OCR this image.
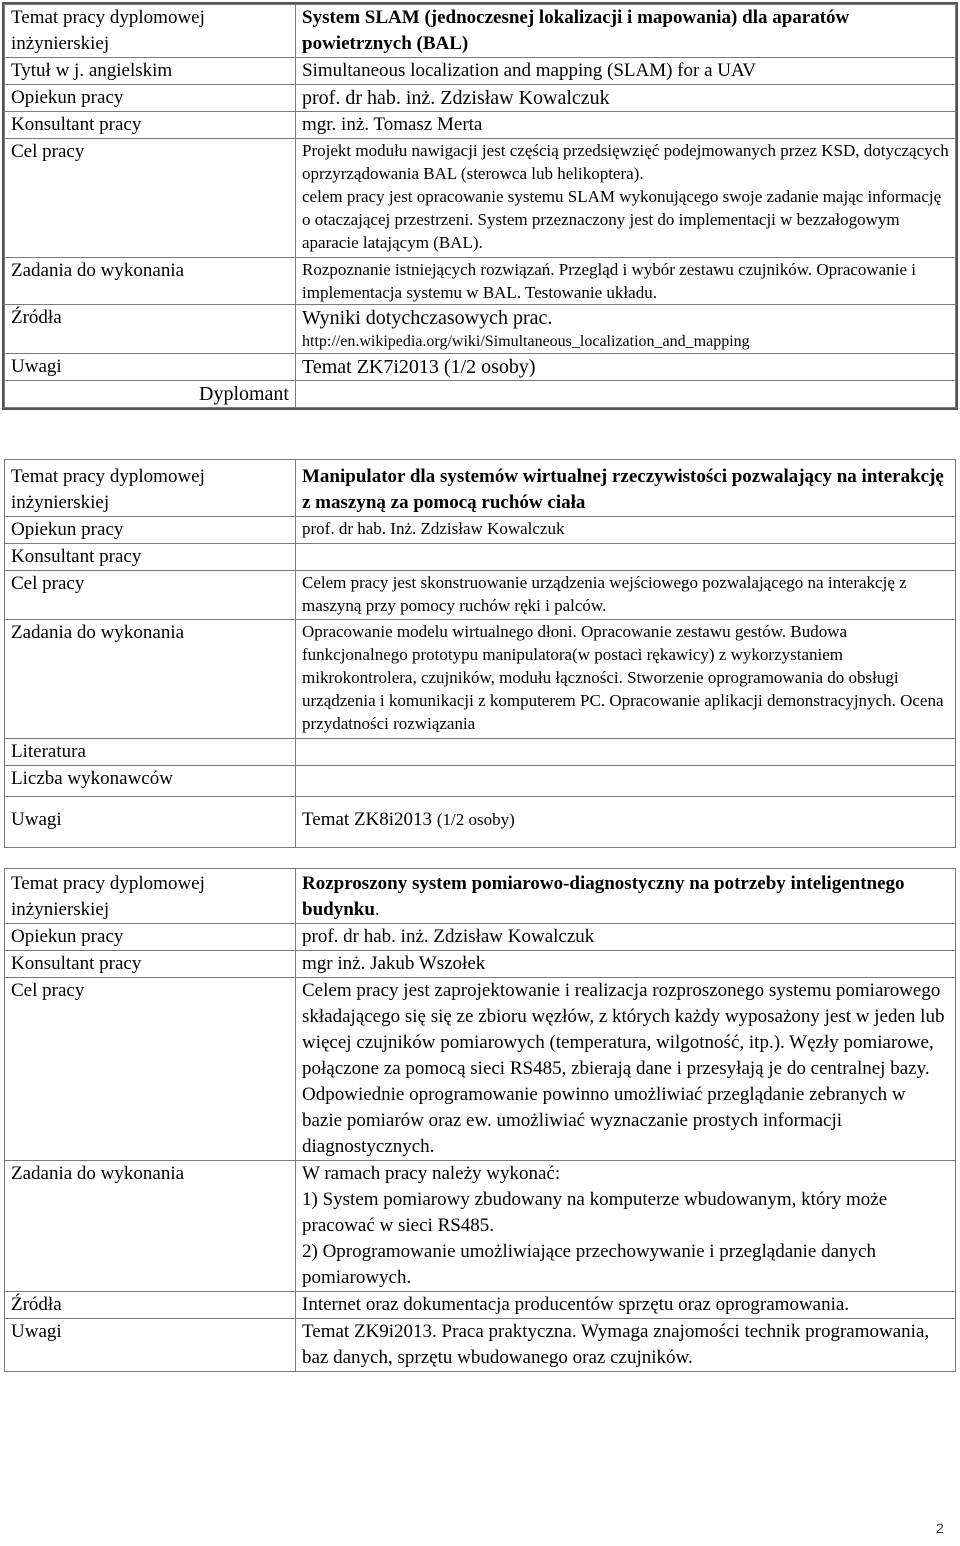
Temat pracy dyplomowej inżynierskiej	System SLAM (jednoczesnej lokalizacji i mapowania) dla aparatów powietrznych (BAL)
Tytuł w j. angielskim	Simultaneous localization and mapping (SLAM) for a UAV
Opiekun pracy	prof. dr hab. inż. Zdzisław Kowalczuk
Konsultant pracy	mgr. inż. Tomasz Merta
Cel pracy	Projekt modułu nawigacji jest częścią przedsięwzięć podejmowanych przez KSD, dotyczących oprzyrządowania BAL (sterowca lub helikoptera).
celem pracy jest opracowanie systemu SLAM wykonującego swoje zadanie mając informację o otaczającej przestrzeni. System przeznaczony jest do implementacji w bezzałogowym aparacie latającym (BAL).

Zadania do wykonania	Rozpoznanie istniejących rozwiązań. Przegląd i wybór zestawu czujników. Opracowanie i implementacja systemu w BAL. Testowanie układu.
Źródła	Wyniki dotychczasowych prac.
http://en.wikipedia.org/wiki/Simultaneous_localization_and_mapping

Uwagi	Temat ZK7i2013 (1/2 osoby)
Dyplomant	
Temat pracy dyplomowej inżynierskiej	Manipulator dla systemów wirtualnej rzeczywistości pozwalający na interakcję z maszyną za pomocą ruchów ciała
Opiekun pracy	prof. dr hab. Inż. Zdzisław Kowalczuk
Konsultant pracy	
Cel pracy	Celem pracy jest skonstruowanie urządzenia wejściowego pozwalającego na interakcję z maszyną przy pomocy ruchów ręki i palców.
Zadania do wykonania	Opracowanie modelu wirtualnego dłoni. Opracowanie zestawu gestów. Budowa funkcjonalnego prototypu manipulatora(w postaci rękawicy) z wykorzystaniem mikrokontrolera, czujników, modułu łączności. Stworzenie oprogramowania do obsługi urządzenia i komunikacji z komputerem PC. Opracowanie aplikacji demonstracyjnych. Ocena przydatności rozwiązania
Literatura	
Liczba wykonawców	
Uwagi	Temat ZK8i2013 (1/2 osoby)
Temat pracy dyplomowej inżynierskiej	Rozproszony system pomiarowo-diagnostyczny na potrzeby inteligentnego budynku.
Opiekun pracy	prof. dr hab. inż. Zdzisław Kowalczuk
Konsultant pracy	mgr inż. Jakub Wszołek
Cel pracy	Celem pracy jest zaprojektowanie i realizacja rozproszonego systemu pomiarowego składającego się się ze zbioru węzłów, z których każdy wyposażony jest w jeden lub więcej czujników pomiarowych (temperatura, wilgotność, itp.). Węzły pomiarowe, połączone za pomocą sieci RS485, zbierają dane i przesyłają je do centralnej bazy. Odpowiednie oprogramowanie powinno umożliwiać przeglądanie zebranych w bazie pomiarów oraz ew. umożliwiać wyznaczanie prostych informacji diagnostycznych.
Zadania do wykonania	W ramach pracy należy wykonać:
1) System pomiarowy zbudowany na komputerze wbudowanym, który może pracować w sieci RS485.
2) Oprogramowanie umożliwiające przechowywanie i przeglądanie danych pomiarowych.

Źródła	Internet oraz dokumentacja producentów sprzętu oraz oprogramowania.
Uwagi	Temat ZK9i2013. Praca praktyczna. Wymaga znajomości technik programowania, baz danych, sprzętu wbudowanego oraz czujników.
2
